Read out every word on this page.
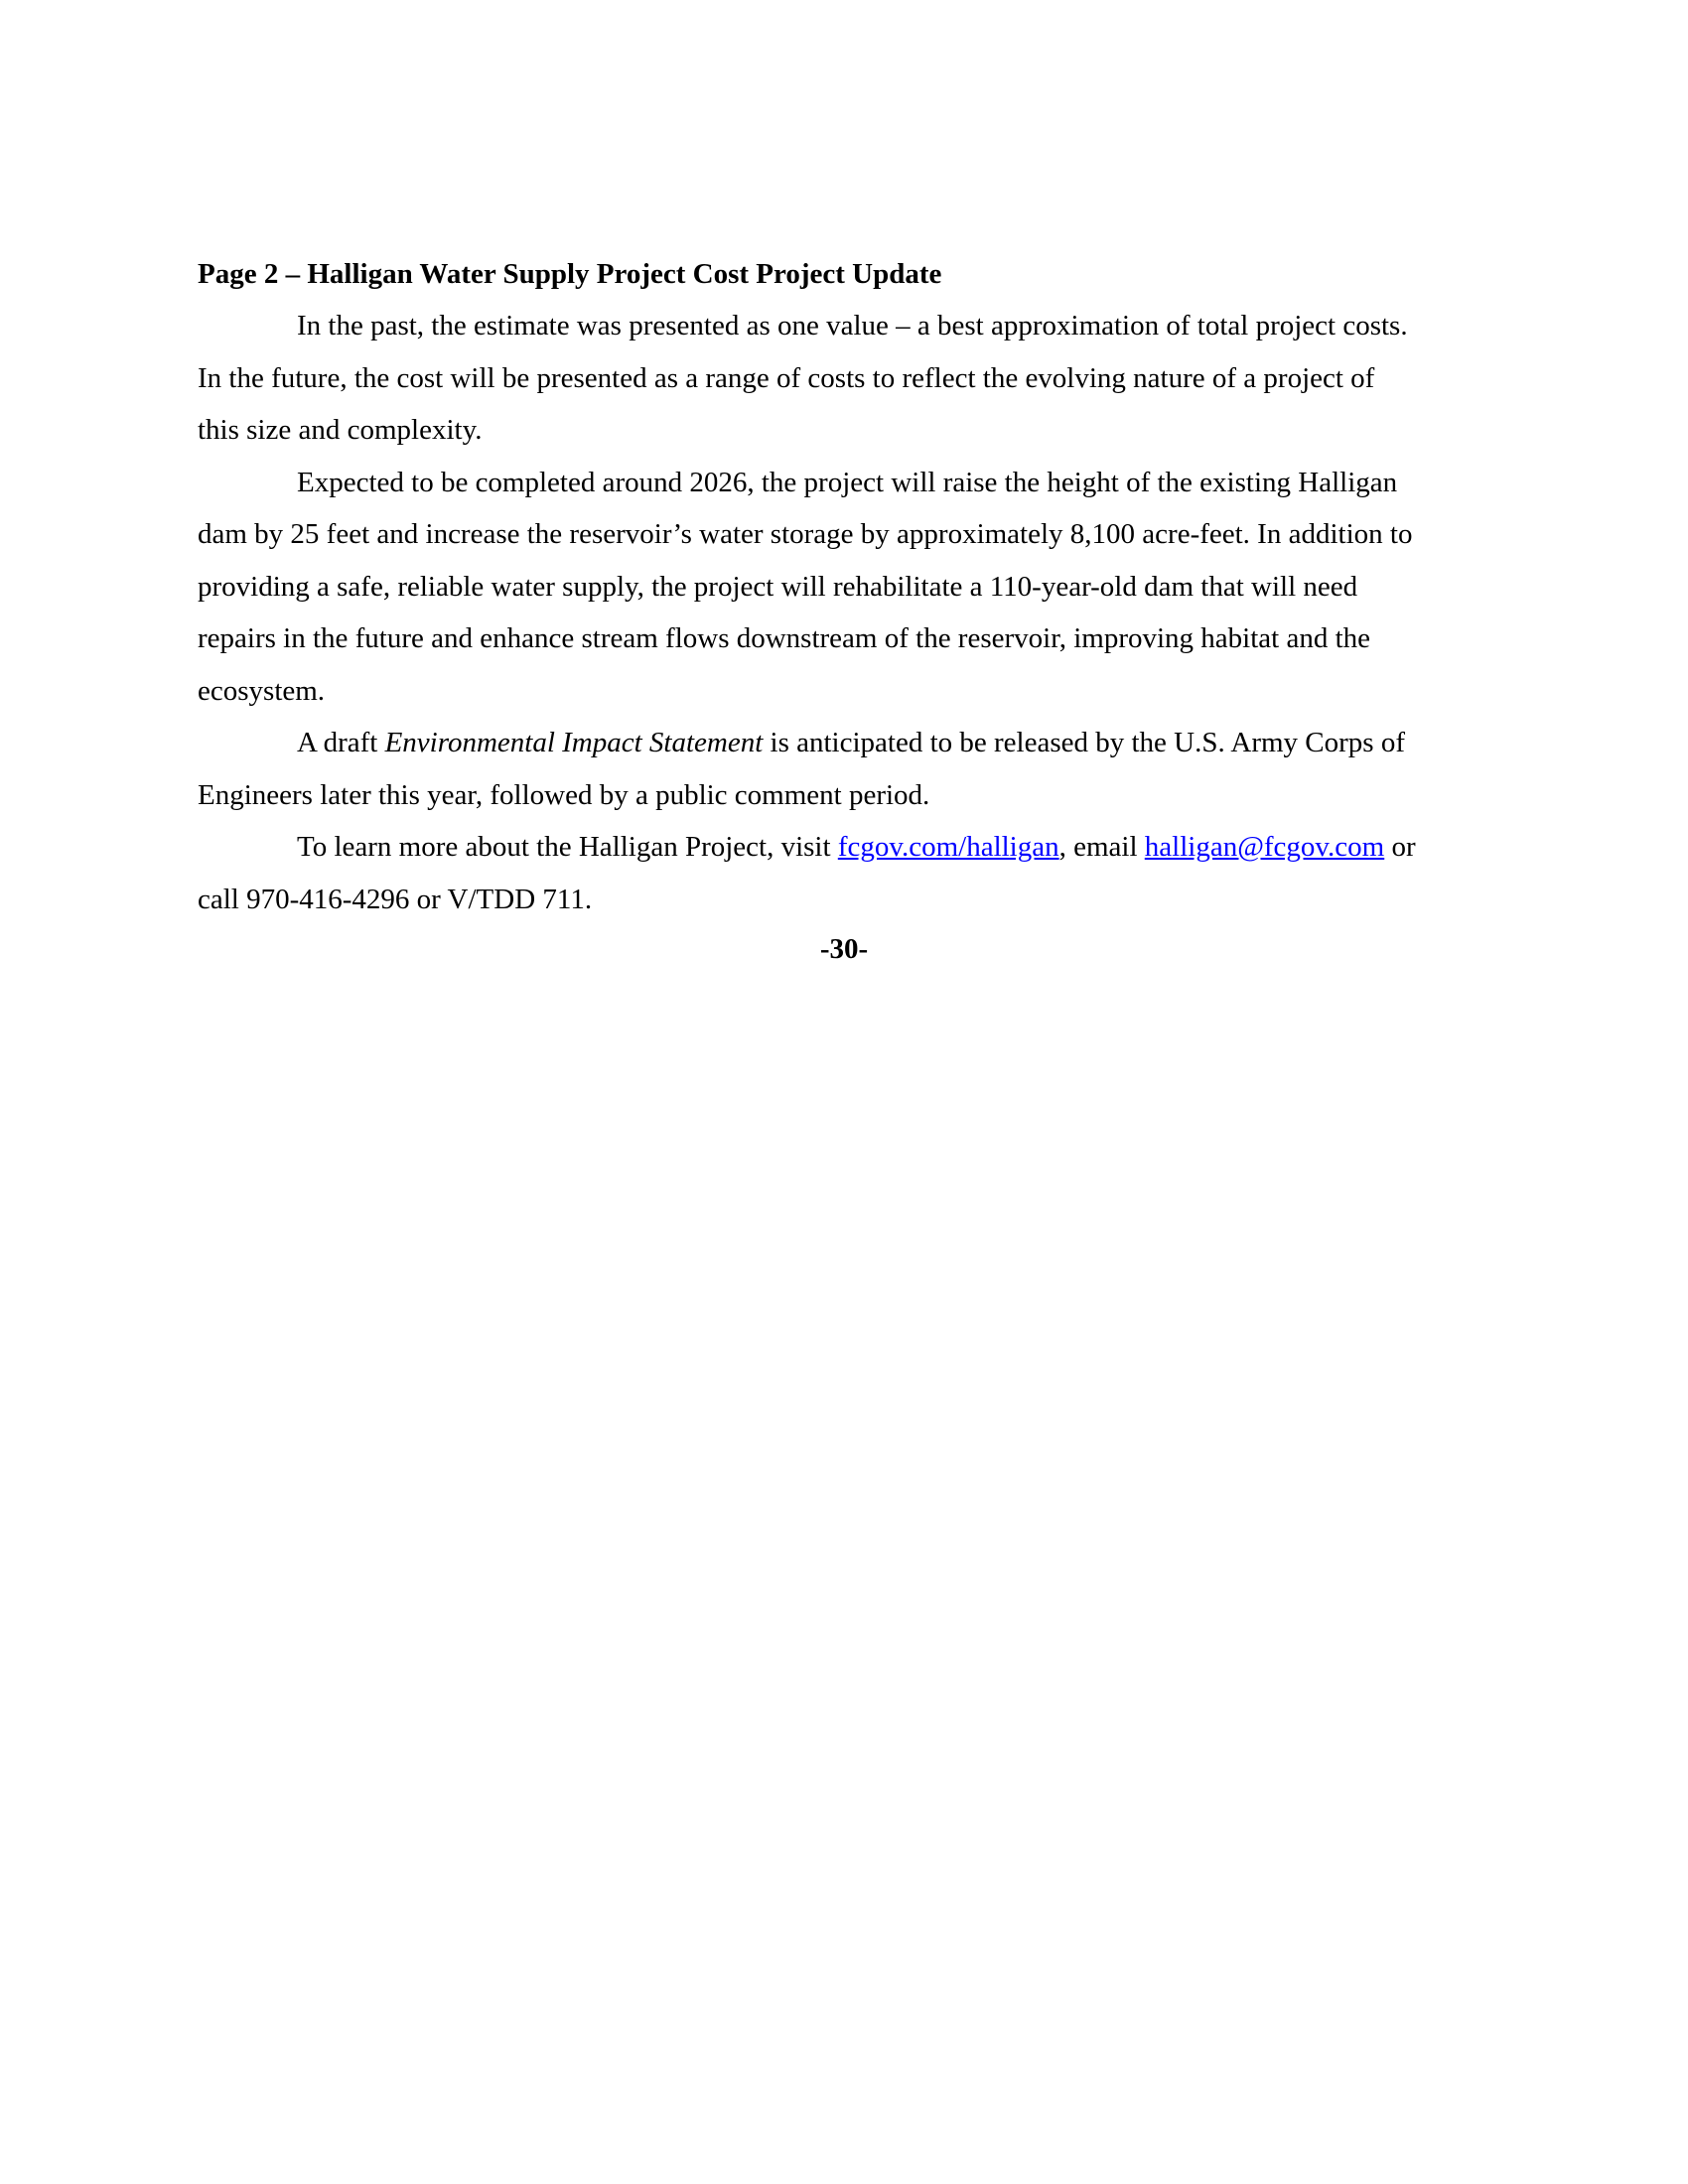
Page 2 – Halligan Water Supply Project Cost Project Update

In the past, the estimate was presented as one value – a best approximation of total project costs.
In the future, the cost will be presented as a range of costs to reflect the evolving nature of a project of
this size and complexity.

Expected to be completed around 2026, the project will raise the height of the existing Halligan
dam by 25 feet and increase the reservoir’s water storage by approximately 8,100 acre-feet. In addition to
providing a safe, reliable water supply, the project will rehabilitate a 110-year-old dam that will need
repairs in the future and enhance stream flows downstream of the reservoir, improving habitat and the
ecosystem.

A draft Environmental Impact Statement is anticipated to be released by the U.S. Army Corps of
Engineers later this year, followed by a public comment period.

To learn more about the Halligan Project, visit fcgov.com/halligan, email halligan@fcgov.com or
call 970-416-4296 or V/TDD 711.

-30-
